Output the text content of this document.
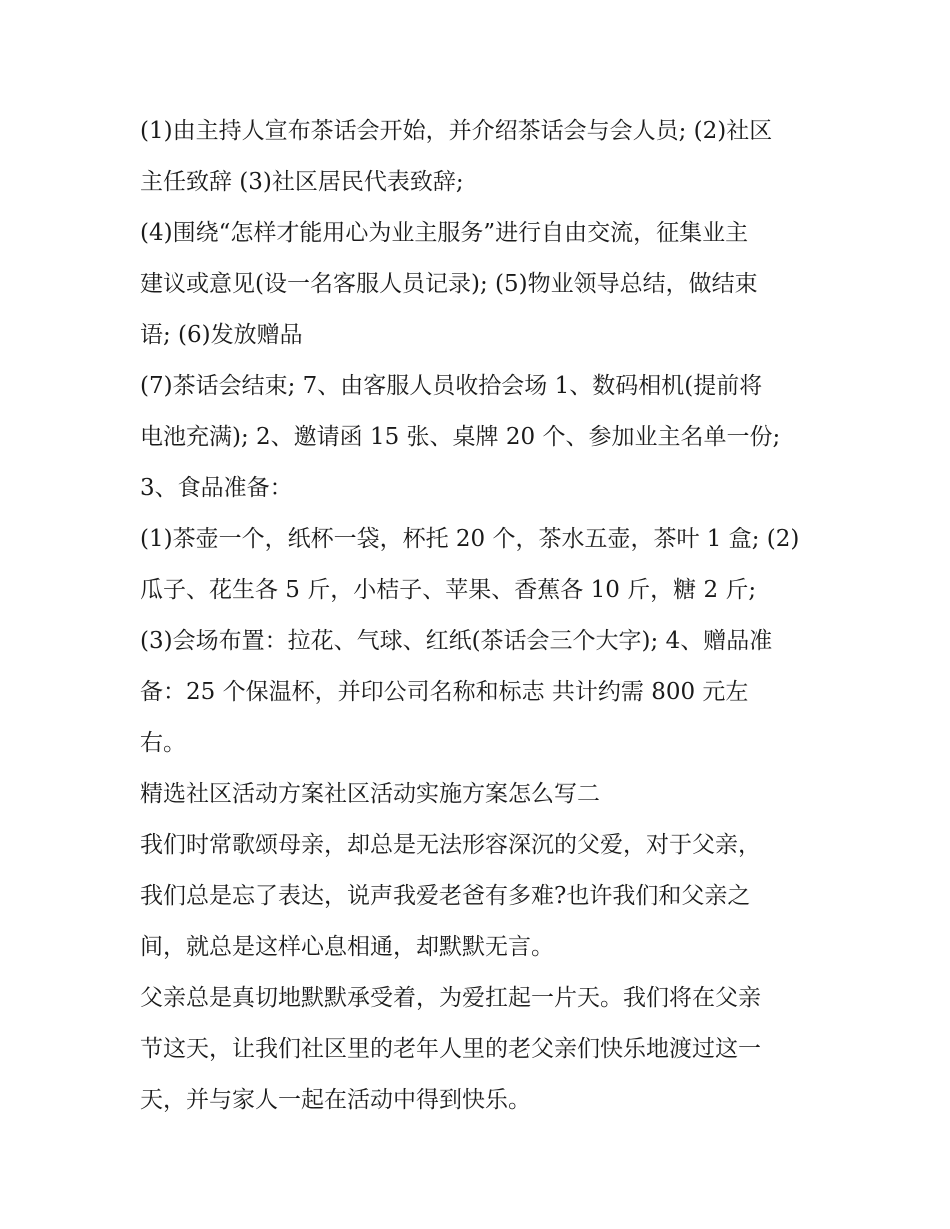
(1)由主持人宣布茶话会开始，并介绍茶话会与会人员; (2)社区

主任致辞 (3)社区居民代表致辞;

(4)围绕“怎样才能用心为业主服务”进行自由交流，征集业主

建议或意见(设一名客服人员记录); (5)物业领导总结，做结束

语; (6)发放赠品

(7)茶话会结束; 7、由客服人员收拾会场 1、数码相机(提前将

电池充满); 2、邀请函 15 张、桌牌 20 个、参加业主名单一份;

3、食品准备：

(1)茶壶一个，纸杯一袋，杯托 20 个，茶水五壶，茶叶 1 盒; (2)

瓜子、花生各 5 斤，小桔子、苹果、香蕉各 10 斤，糖 2 斤;

(3)会场布置：拉花、气球、红纸(茶话会三个大字); 4、赠品准

备：25 个保温杯，并印公司名称和标志 共计约需 800 元左

右。

精选社区活动方案社区活动实施方案怎么写二

我们时常歌颂母亲，却总是无法形容深沉的父爱，对于父亲，

我们总是忘了表达，说声我爱老爸有多难?也许我们和父亲之

间，就总是这样心息相通，却默默无言。

父亲总是真切地默默承受着，为爱扛起一片天。我们将在父亲

节这天，让我们社区里的老年人里的老父亲们快乐地渡过这一

天，并与家人一起在活动中得到快乐。
